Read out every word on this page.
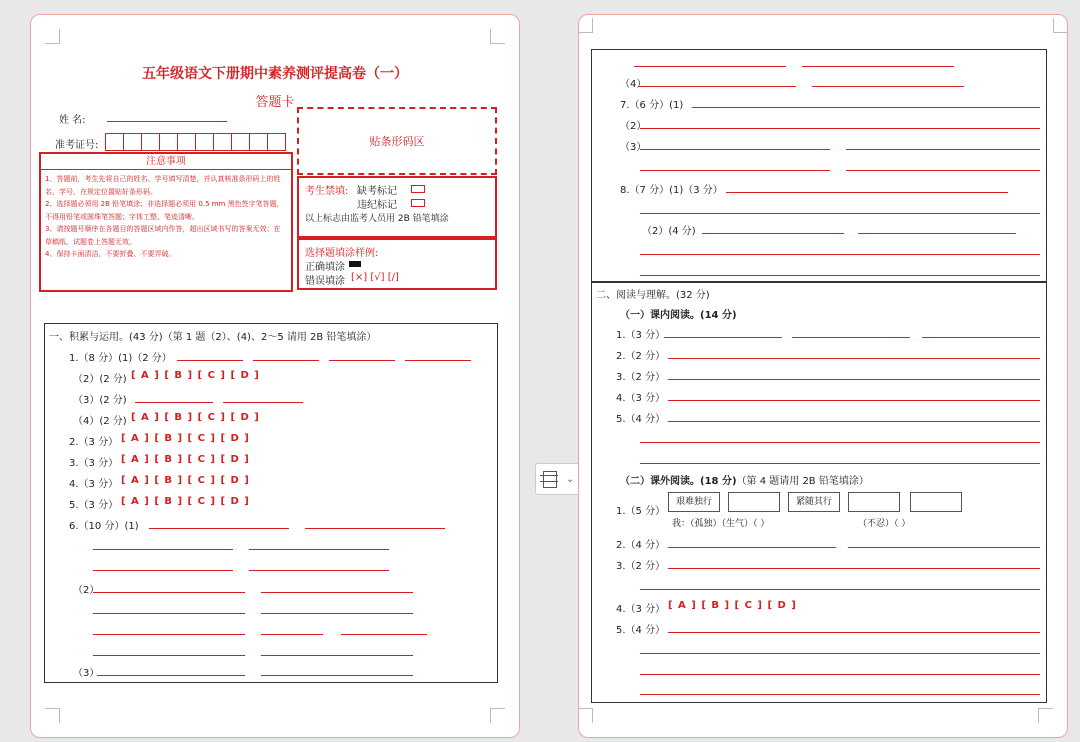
五年级语文下册期中素养测评提高卷（一）
答题卡
姓 名:
准考证号:	贴条形码区
注意事项
1、答题前，考生先将自己的姓名、学号填写清楚，并认真核准条形码上的姓名、学号，在规定位置贴好条形码。
2、选择题必须用 2B 铅笔填涂；非选择题必须用 0.5 mm 黑色签字笔答题，不得用铅笔或圆珠笔答题；字体工整、笔迹清晰。
3、请按题号顺序在各题目的答题区域内作答，超出区域书写的答案无效；在草稿纸、试题卷上答题无效。
4、保持卡面清洁，不要折叠、不要弄破。
考生禁填: 缺考标记
违纪标记
以上标志由监考人员用 2B 铅笔填涂
选择题填涂样例:
正确填涂
错误填涂 [×] [√] [/]
一、积累与运用。(43 分)（第 1 题（2）、(4)、2～5 请用 2B 铅笔填涂）
1.（8 分）(1)（2 分）
（2）(2 分) [ A ] [ B ] [ C ] [ D ]
（3）(2 分)
（4）(2 分) [ A ] [ B ] [ C ] [ D ]
2.（3 分） [ A ] [ B ] [ C ] [ D ]
3.（3 分） [ A ] [ B ] [ C ] [ D ]
4.（3 分） [ A ] [ B ] [ C ] [ D ]
5.（3 分） [ A ] [ B ] [ C ] [ D ]
6.（10 分）(1)
（2）
（3）
⌄
（4）
7.（6 分）(1)
（2）
（3）
8.（7 分）(1)（3 分）
（2）(4 分)
二、阅读与理解。(32 分)
（一）课内阅读。(14 分)
1.（3 分）
2.（2 分）
3.（2 分）
4.（3 分）
5.（4 分）
（二）课外阅读。(18 分)（第 4 题请用 2B 铅笔填涂）
1.（5 分）
艰难独行	紧随其行
我：（孤独）（生气）（ ）	（不忍）（ ）
2.（4 分）
3.（2 分）
4.（3 分） [ A ] [ B ] [ C ] [ D ]
5.（4 分）
